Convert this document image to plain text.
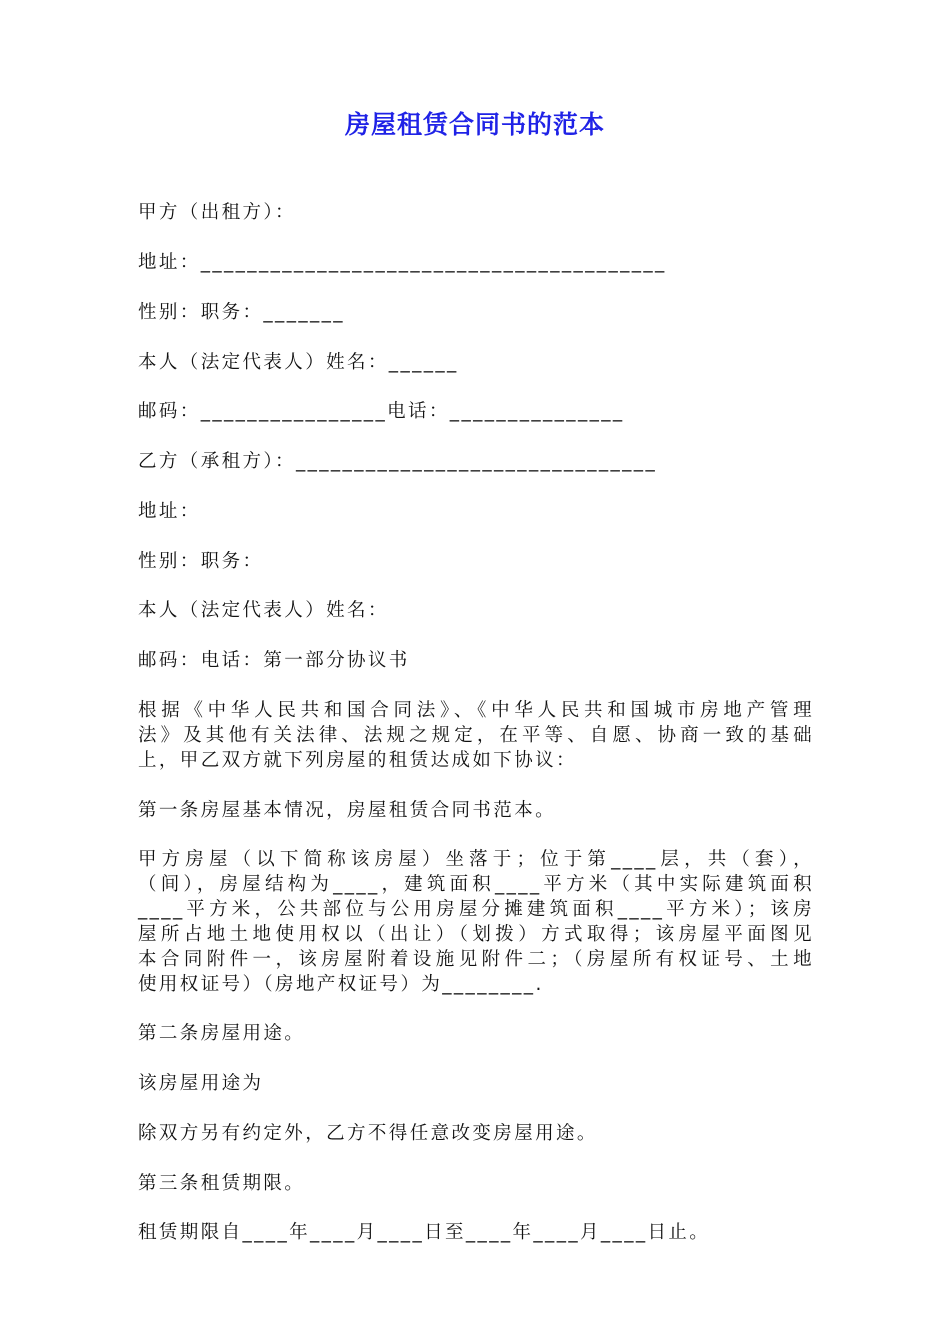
房屋租赁合同书的范本
甲方（出租方）：
地址：________________________________________
性别：职务：_______
本人（法定代表人）姓名：______
邮码：________________电话：_______________
乙方（承租方）：_______________________________
地址：
性别：职务：
本人（法定代表人）姓名：
邮码：电话：第一部分协议书
根据《中华人民共和国合同法》、《中华人民共和国城市房地产管理
法》及其他有关法律、法规之规定，在平等、自愿、协商一致的基础
上，甲乙双方就下列房屋的租赁达成如下协议：
第一条房屋基本情况，房屋租赁合同书范本。
甲方房屋（以下简称该房屋）坐落于；位于第____层，共（套），
（间），房屋结构为____，建筑面积____平方米（其中实际建筑面积
____平方米，公共部位与公用房屋分摊建筑面积____平方米）；该房
屋所占地土地使用权以（出让）（划拨）方式取得；该房屋平面图见
本合同附件一，该房屋附着设施见附件二；（房屋所有权证号、土地
使用权证号）（房地产权证号）为________.
第二条房屋用途。
该房屋用途为
除双方另有约定外，乙方不得任意改变房屋用途。
第三条租赁期限。
租赁期限自____年____月____日至____年____月____日止。
